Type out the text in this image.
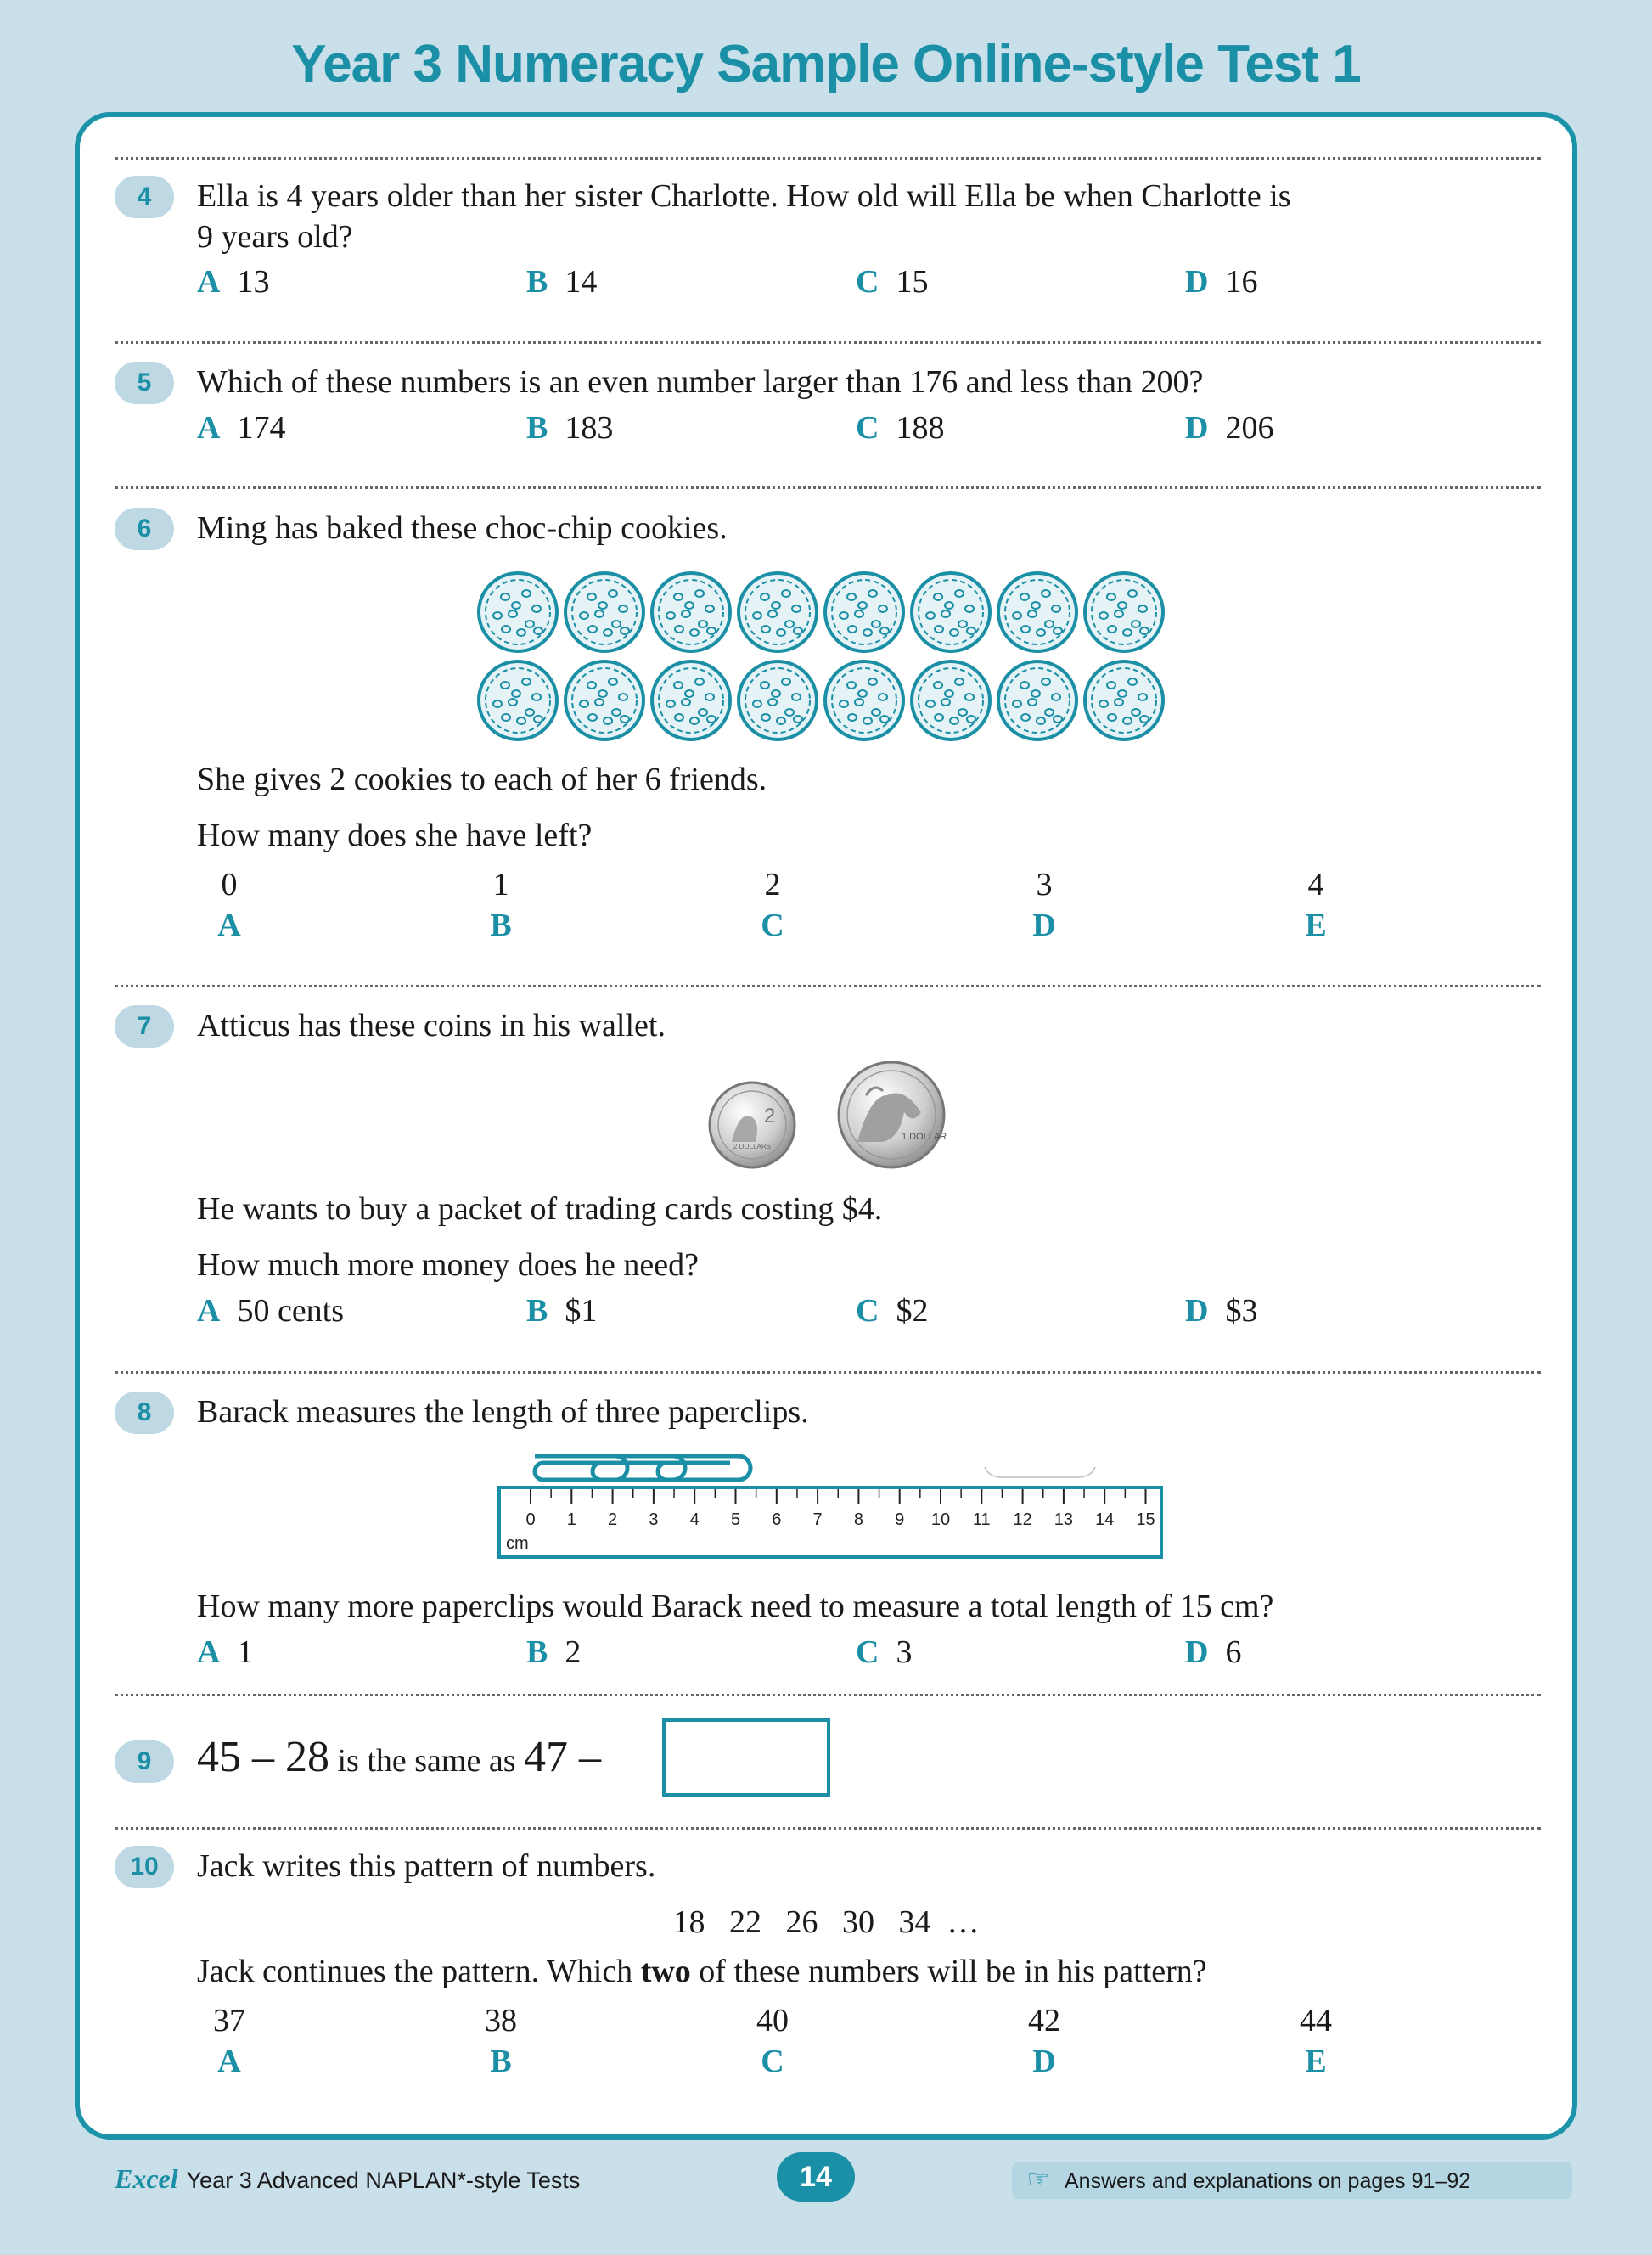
Year 3 Numeracy Sample Online-style Test 1
4	Ella is 4 years older than her sister Charlotte. How old will Ella be when Charlotte is
9 years old?
A 13	B 14	C 15	D 16
5	Which of these numbers is an even number larger than 176 and less than 200?
A 174	B 183	C 188	D 206
6	Ming has baked these choc-chip cookies.
She gives 2 cookies to each of her 6 friends.
How many does she have left?
0
A
1
B
2
C
3
D
4
E
7	Atticus has these coins in his wallet.
2
2 DOLLARS
1 DOLLAR
He wants to buy a packet of trading cards costing $4.
How much more money does he need?
A 50 cents	B $1	C $2	D $3
8	Barack measures the length of three paperclips.
0 1 2 3 4 5 6 7 8 9 10 11 12 13 14 15
cm
How many more paperclips would Barack need to measure a total length of 15 cm?
A 1	B 2	C 3	D 6
9	45 – 28 is the same as 47 –
10	Jack writes this pattern of numbers.
18   22   26   30   34  …
Jack continues the pattern. Which two of these numbers will be in his pattern?
37
A
38
B
40
C
42
D
44
E
Excel Year 3 Advanced NAPLAN*-style Tests	14	☞ Answers and explanations on pages 91–92
